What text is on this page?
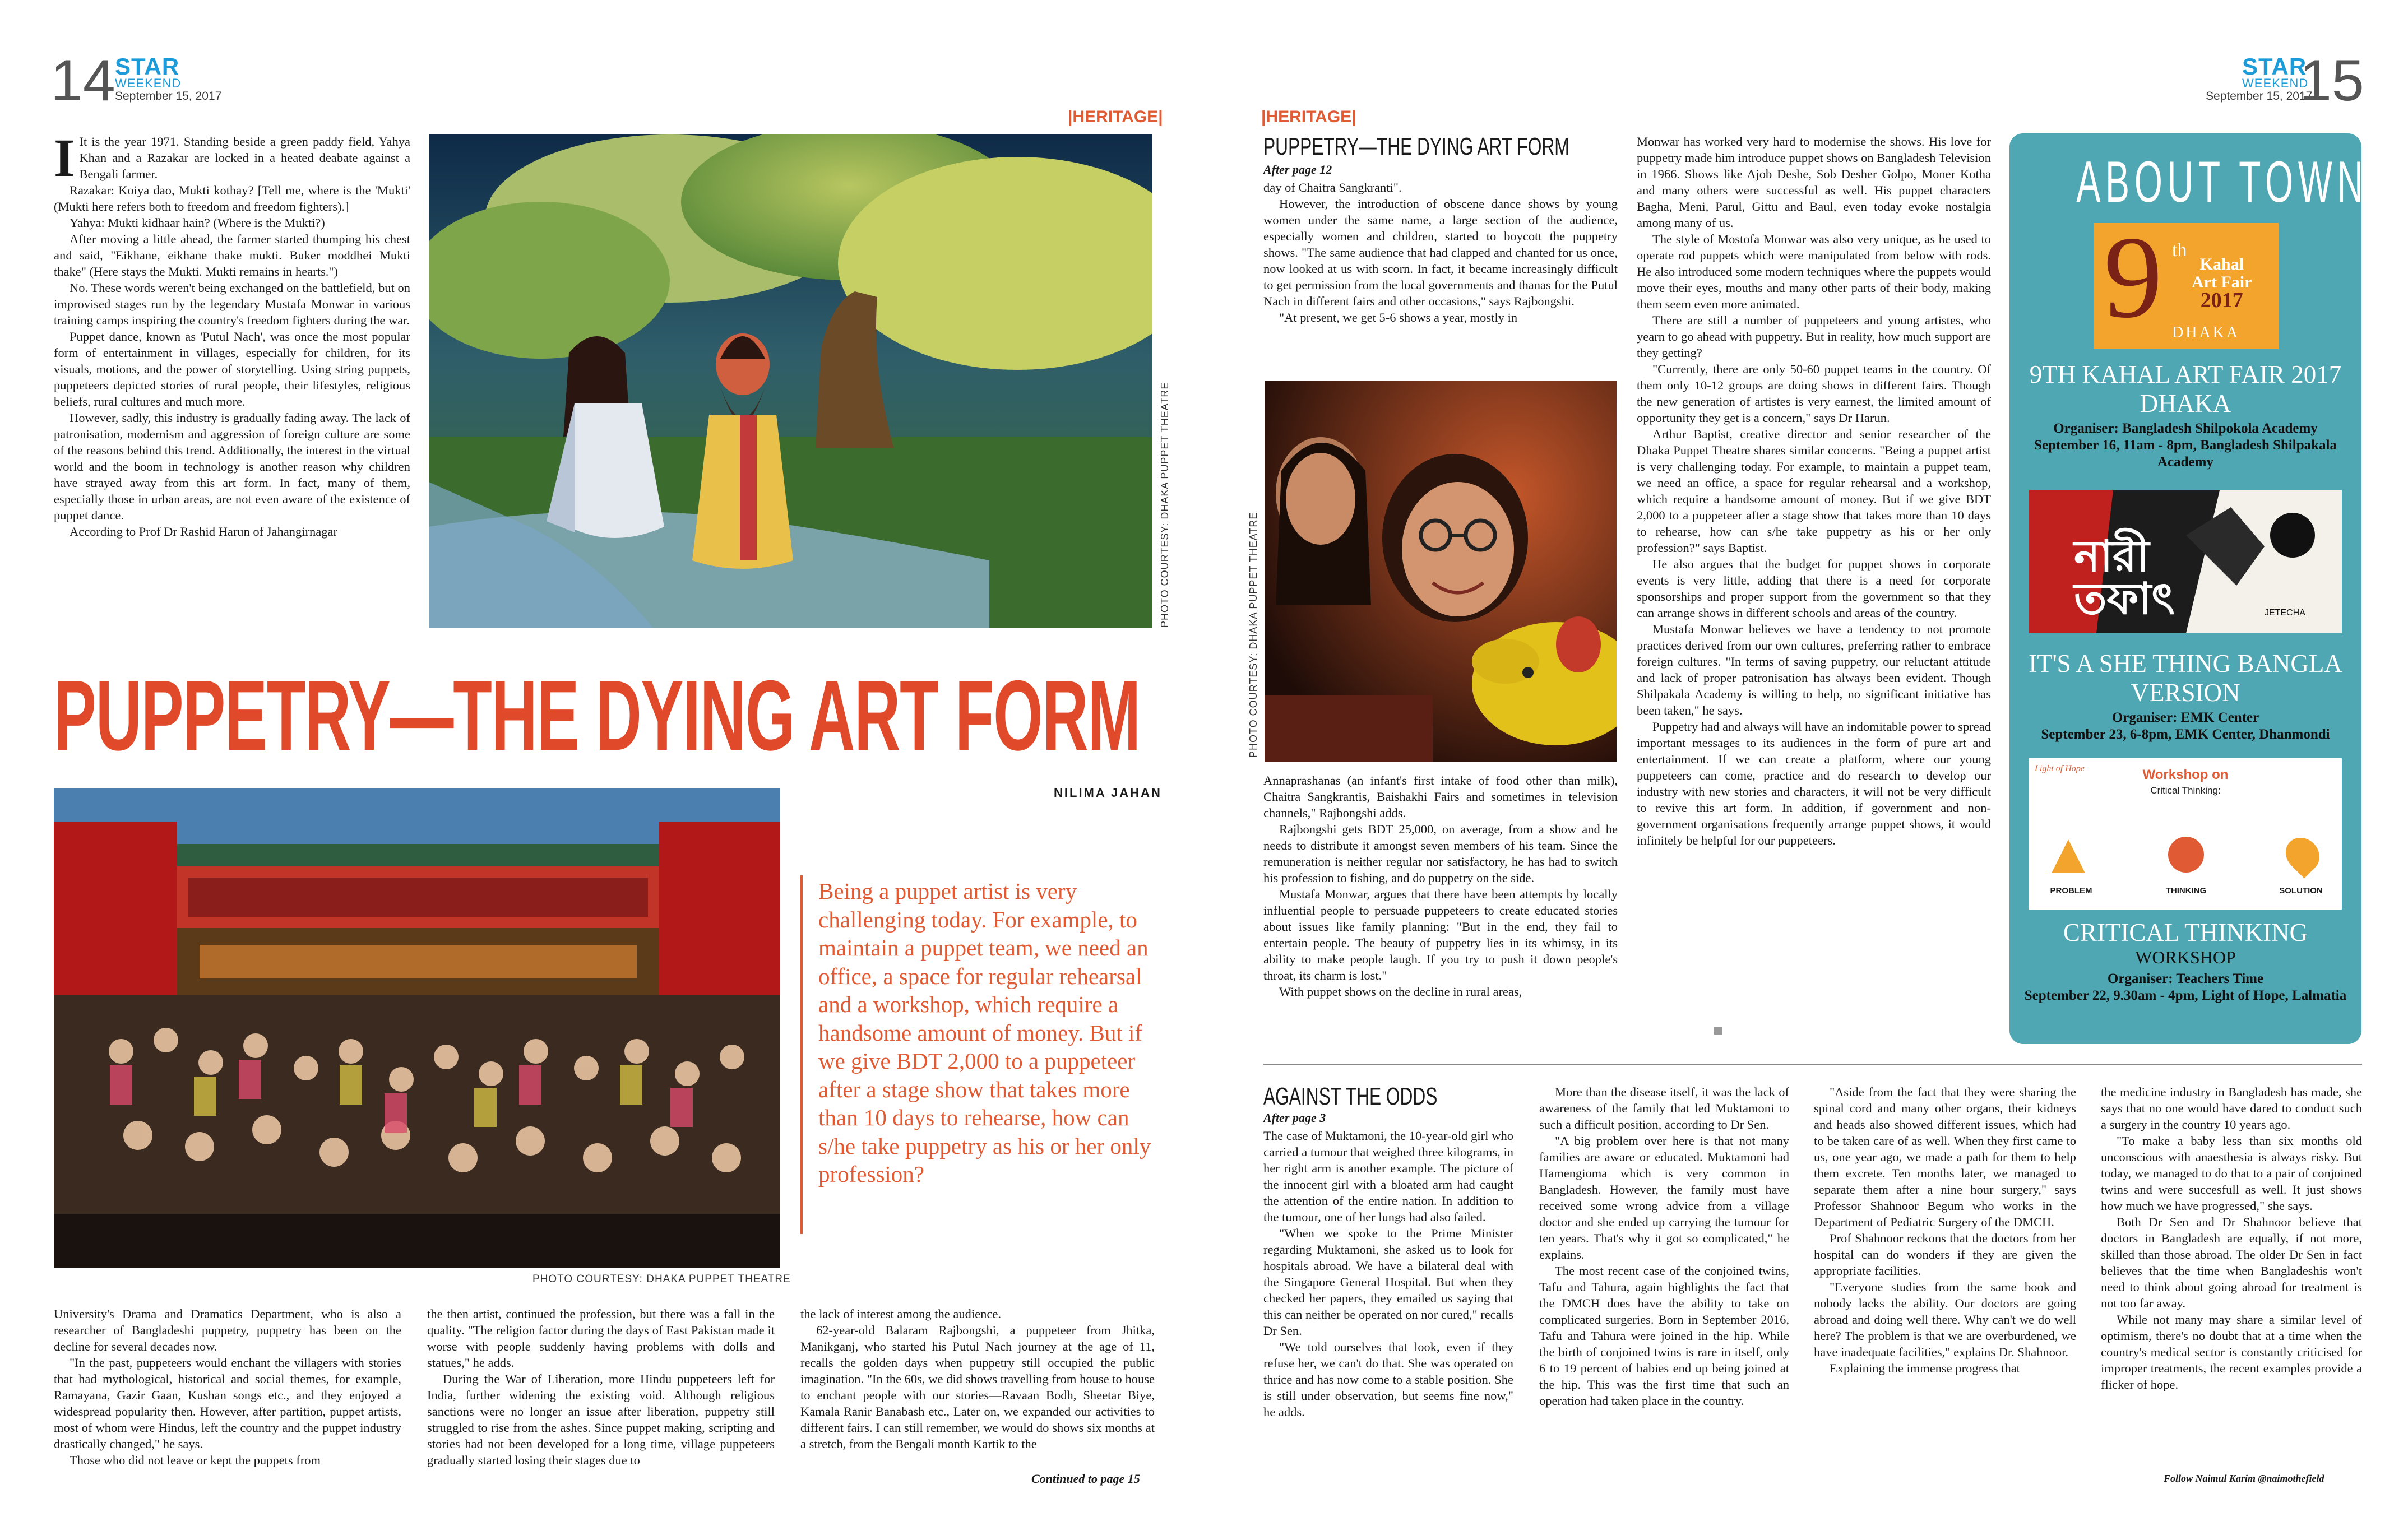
14 STAR
WEEKEND
September 15, 2017
|HERITAGE|

I It is the year 1971. Standing beside a green paddy field, Yahya Khan and a Razakar are locked in a heated deabate against a Bengali farmer.

Razakar: Koiya dao, Mukti kothay? [Tell me, where is the 'Mukti' (Mukti here refers both to freedom and freedom fighters).]

Yahya: Mukti kidhaar hain? (Where is the Mukti?)

After moving a little ahead, the farmer started thumping his chest and said, "Eikhane, eikhane thake mukti. Buker moddhei Mukti thake" (Here stays the Mukti. Mukti remains in hearts.")

No. These words weren't being exchanged on the battlefield, but on improvised stages run by the legendary Mustafa Monwar in various training camps inspiring the country's freedom fighters during the war.

Puppet dance, known as 'Putul Nach', was once the most popular form of entertainment in villages, especially for children, for its visuals, motions, and the power of storytelling. Using string puppets, puppeteers depicted stories of rural people, their lifestyles, religious beliefs, rural cultures and much more.

However, sadly, this industry is gradually fading away. The lack of patronisation, modernism and aggression of foreign culture are some of the reasons behind this trend. Additionally, the interest in the virtual world and the boom in technology is another reason why children have strayed away from this art form. In fact, many of them, especially those in urban areas, are not even aware of the existence of puppet dance.

According to Prof Dr Rashid Harun of Jahangirnagar	PHOTO COURTESY: DHAKA PUPPET THEATRE
PUPPETRY—THE DYING ART FORM
NILIMA JAHAN
PHOTO COURTESY: DHAKA PUPPET THEATRE
Being a puppet artist is very challenging today. For example, to maintain a puppet team, we need an office, a space for regular rehearsal and a workshop, which require a handsome amount of money. But if we give BDT 2,000 to a puppeteer after a stage show that takes more than 10 days to rehearse, how can s/he take puppetry as his or her only profession?

University's Drama and Dramatics Department, who is also a researcher of Bangladeshi puppetry, puppetry has been on the decline for several decades now.

"In the past, puppeteers would enchant the villagers with stories that had mythological, historical and social themes, for example, Ramayana, Gazir Gaan, Kushan songs etc., and they enjoyed a widespread popularity then. However, after partition, puppet artists, most of whom were Hindus, left the country and the puppet industry drastically changed," he says.

Those who did not leave or kept the puppets from

the then artist, continued the profession, but there was a fall in the quality. "The religion factor during the days of East Pakistan made it worse with people suddenly having problems with dolls and statues," he adds.

During the War of Liberation, more Hindu puppeteers left for India, further widening the existing void. Although religious sanctions were no longer an issue after liberation, puppetry still struggled to rise from the ashes. Since puppet making, scripting and stories had not been developed for a long time, village puppeteers gradually started losing their stages due to

the lack of interest among the audience.

62-year-old Balaram Rajbongshi, a puppeteer from Jhitka, Manikganj, who started his Putul Nach journey at the age of 11, recalls the golden days when puppetry still occupied the public imagination. "In the 60s, we did shows travelling from house to house to enchant people with our stories—Ravaan Bodh, Sheetar Biye, Kamala Ranir Banabash etc., Later on, we expanded our activities to different fairs. I can still remember, we would do shows six months at a stretch, from the Bengali month Kartik to the

Continued to page 15
STAR
WEEKEND
September 15, 2017
15
|HERITAGE|
PUPPETRY—THE DYING ART FORM
After page 12

day of Chaitra Sangkranti".

However, the introduction of obscene dance shows by young women under the same name, a large section of the audience, especially women and children, started to boycott the puppetry shows. "The same audience that had clapped and chanted for us once, now looked at us with scorn. In fact, it became increasingly difficult to get permission from the local governments and thanas for the Putul Nach in different fairs and other occasions," says Rajbongshi.

"At present, we get 5-6 shows a year, mostly in

PHOTO COURTESY: DHAKA PUPPET THEATRE

Annaprashanas (an infant's first intake of food other than milk), Chaitra Sangkrantis, Baishakhi Fairs and sometimes in television channels," Rajbongshi adds.

Rajbongshi gets BDT 25,000, on average, from a show and he needs to distribute it amongst seven members of his team. Since the remuneration is neither regular nor satisfactory, he has had to switch his profession to fishing, and do puppetry on the side.

Mustafa Monwar, argues that there have been attempts by locally influential people to persuade puppeteers to create educated stories about issues like family planning: "But in the end, they fail to entertain people. The beauty of puppetry lies in its whimsy, in its ability to make people laugh. If you try to push it down people's throat, its charm is lost."

With puppet shows on the decline in rural areas,

Monwar has worked very hard to modernise the shows. His love for puppetry made him introduce puppet shows on Bangladesh Television in 1966. Shows like Ajob Deshe, Sob Desher Golpo, Moner Kotha and many others were successful as well. His puppet characters Bagha, Meni, Parul, Gittu and Baul, even today evoke nostalgia among many of us.

The style of Mostofa Monwar was also very unique, as he used to operate rod puppets which were manipulated from below with rods. He also introduced some modern techniques where the puppets would move their eyes, mouths and many other parts of their body, making them seem even more animated.

There are still a number of puppeteers and young artistes, who yearn to go ahead with puppetry. But in reality, how much support are they getting?

"Currently, there are only 50-60 puppet teams in the country. Of them only 10-12 groups are doing shows in different fairs. Though the new generation of artistes is very earnest, the limited amount of opportunity they get is a concern," says Dr Harun.

Arthur Baptist, creative director and senior researcher of the Dhaka Puppet Theatre shares similar concerns. "Being a puppet artist is very challenging today. For example, to maintain a puppet team, we need an office, a space for regular rehearsal and a workshop, which require a handsome amount of money. But if we give BDT 2,000 to a puppeteer after a stage show that takes more than 10 days to rehearse, how can s/he take puppetry as his or her only profession?" says Baptist.

He also argues that the budget for puppet shows in corporate events is very little, adding that there is a need for corporate sponsorships and proper support from the government so that they can arrange shows in different schools and areas of the country.

Mustafa Monwar believes we have a tendency to not promote practices derived from our own cultures, preferring rather to embrace foreign cultures. "In terms of saving puppetry, our reluctant attitude and lack of proper patronisation has always been evident. Though Shilpakala Academy is willing to help, no significant initiative has been taken," he says.

Puppetry had and always will have an indomitable power to spread important messages to its audiences in the form of pure art and entertainment. If we can create a platform, where our young puppeteers can come, practice and do research to develop our industry with new stories and characters, it will not be very difficult to revive this art form. In addition, if government and non-government organisations frequently arrange puppet shows, it would infinitely be helpful for our puppeteers.

ABOUT TOWN
9 th
Kahal
Art Fair
2017
DHAKA
9TH KAHAL ART FAIR 2017 DHAKA
Organiser: Bangladesh Shilpokola Academy
September 16, 11am - 8pm, Bangladesh Shilpakala Academy
নারী
তফাৎ	JETECHA
IT'S A SHE THING BANGLA VERSION
Organiser: EMK Center
September 23, 6-8pm, EMK Center, Dhanmondi
Light of Hope	Workshop on
Critical Thinking:
PROBLEM	THINKING	SOLUTION
CRITICAL THINKING
WORKSHOP
Organiser: Teachers Time
September 22, 9.30am - 4pm, Light of Hope, Lalmatia
AGAINST THE ODDS
After page 3

The case of Muktamoni, the 10-year-old girl who carried a tumour that weighed three kilograms, in her right arm is another example. The picture of the innocent girl with a bloated arm had caught the attention of the entire nation. In addition to the tumour, one of her lungs had also failed.

"When we spoke to the Prime Minister regarding Muktamoni, she asked us to look for hospitals abroad. We have a bilateral deal with the Singapore General Hospital. But when they checked her papers, they emailed us saying that this can neither be operated on nor cured," recalls Dr Sen.

"We told ourselves that look, even if they refuse her, we can't do that. She was operated on thrice and has now come to a stable position. She is still under observation, but seems fine now," he adds.

More than the disease itself, it was the lack of awareness of the family that led Muktamoni to such a difficult position, according to Dr Sen.

"A big problem over here is that not many families are aware or educated. Muktamoni had Hamengioma which is very common in Bangladesh. However, the family must have received some wrong advice from a village doctor and she ended up carrying the tumour for ten years. That's why it got so complicated," he explains.

The most recent case of the conjoined twins, Tafu and Tahura, again highlights the fact that the DMCH does have the ability to take on complicated surgeries. Born in September 2016, Tafu and Tahura were joined in the hip. While the birth of conjoined twins is rare in itself, only 6 to 19 percent of babies end up being joined at the hip. This was the first time that such an operation had taken place in the country.

"Aside from the fact that they were sharing the spinal cord and many other organs, their kidneys and heads also showed different issues, which had to be taken care of as well. When they first came to us, one year ago, we made a path for them to help them excrete. Ten months later, we managed to separate them after a nine hour surgery," says Professor Shahnoor Begum who works in the Department of Pediatric Surgery of the DMCH.

Prof Shahnoor reckons that the doctors from her hospital can do wonders if they are given the appropriate facilities.

"Everyone studies from the same book and nobody lacks the ability. Our doctors are going abroad and doing well there. Why can't we do well here? The problem is that we are overburdened, we have inadequate facilities," explains Dr. Shahnoor.

Explaining the immense progress that

the medicine industry in Bangladesh has made, she says that no one would have dared to conduct such a surgery in the country 10 years ago.

"To make a baby less than six months old unconscious with anaesthesia is always risky. But today, we managed to do that to a pair of conjoined twins and were succesfull as well. It just shows how much we have progressed," she says.

Both Dr Sen and Dr Shahnoor believe that doctors in Bangladesh are equally, if not more, skilled than those abroad. The older Dr Sen in fact believes that the time when Bangladeshis won't need to think about going abroad for treatment is not too far away.

While not many may share a similar level of optimism, there's no doubt that at a time when the country's medical sector is constantly criticised for improper treatments, the recent examples provide a flicker of hope.

Follow Naimul Karim @naimothefield
